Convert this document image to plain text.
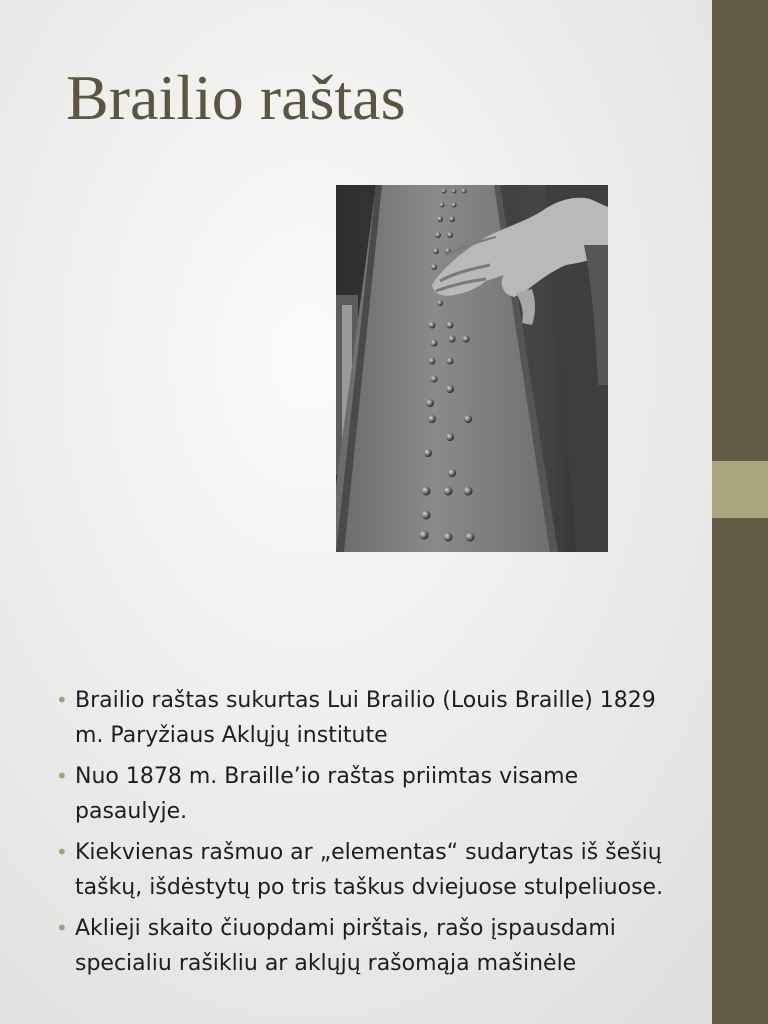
Brailio raštas
• Brailio raštas sukurtas Lui Brailio (Louis Braille) 1829 m. Paryžiaus Aklųjų institute
• Nuo 1878 m. Braille’io raštas priimtas visame pasaulyje.
• Kiekvienas rašmuo ar „elementas“ sudarytas iš šešių taškų, išdėstytų po tris taškus dviejuose stulpeliuose.
• Aklieji skaito čiuopdami pirštais, rašo įspausdami specialiu rašikliu ar aklųjų rašomąja mašinėle
